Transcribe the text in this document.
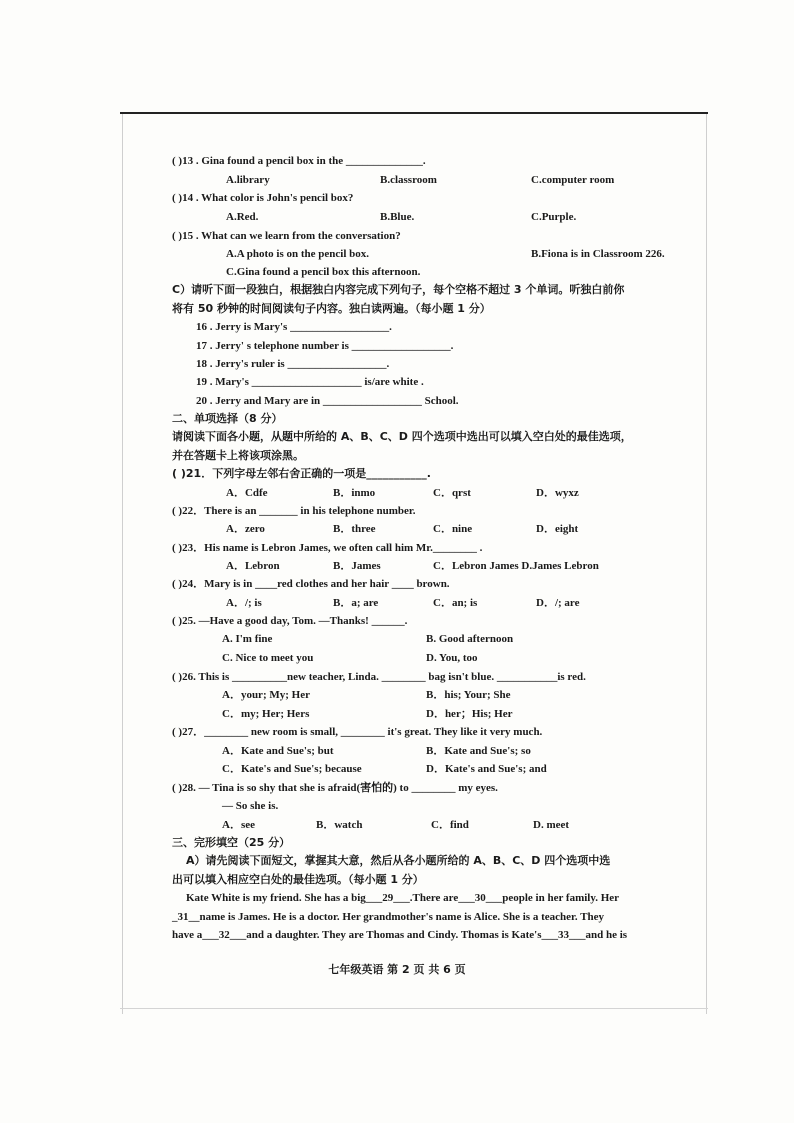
( )13 . Gina found a pencil box in the ______________.
A.library	B.classroom	C.computer room
( )14 . What color is John's pencil box?
A.Red.	B.Blue.	C.Purple.
( )15 . What can we learn from the conversation?
A.A photo is on the pencil box.	B.Fiona is in Classroom 226.
C.Gina found a pencil box this afternoon.
C）请听下面一段独白，根据独白内容完成下列句子，每个空格不超过 3 个单词。听独白前你
将有 50 秒钟的时间阅读句子内容。独白读两遍。（每小题 1 分）
16 . Jerry is Mary's __________________.
17 . Jerry' s telephone number is __________________.
18 . Jerry's ruler is __________________.
19 . Mary's ____________________ is/are white .
20 . Jerry and Mary are in __________________ School.
二、单项选择（8 分）
请阅读下面各小题，从题中所给的 A、B、C、D 四个选项中选出可以填入空白处的最佳选项，
并在答题卡上将该项涂黑。
( )21．下列字母左邻右舍正确的一项是___________.
A．Cdfe	B．inmo	C．qrst	D．wyxz
( )22．There is an _______ in his telephone number.
A．zero	B．three	C．nine	D．eight
( )23．His name is Lebron James, we often call him Mr.________ .
A．Lebron	B．James	C．Lebron James D.James Lebron
( )24．Mary is in ____red clothes and her hair ____ brown.
A．/; is	B．a; are	C．an; is	D．/; are
( )25. —Have a good day, Tom. —Thanks! ______.
A. I'm fine	B. Good afternoon
C. Nice to meet you	D. You, too
( )26. This is __________new teacher, Linda. ________ bag isn't blue. ___________is red.
A．your; My; Her	B．his; Your; She
C．my; Her; Hers	D．her；His; Her
( )27．________ new room is small, ________ it's great. They like it very much.
A．Kate and Sue's; but	B．Kate and Sue's; so
C．Kate's and Sue's; because	D．Kate's and Sue's; and
( )28. — Tina is so shy that she is afraid(害怕的) to ________ my eyes.
— So she is.
A．see	B．watch	C．find	D. meet
三、完形填空（25 分）
A）请先阅读下面短文，掌握其大意，然后从各小题所给的 A、B、C、D 四个选项中选
出可以填入相应空白处的最佳选项。（每小题 1 分）
Kate White is my friend. She has a big___29___.There are___30___people in her family. Her
_31__name is James. He is a doctor. Her grandmother's name is Alice. She is a teacher. They
have a___32___and a daughter. They are Thomas and Cindy. Thomas is Kate's___33___and he is
七年级英语 第 2 页 共 6 页
